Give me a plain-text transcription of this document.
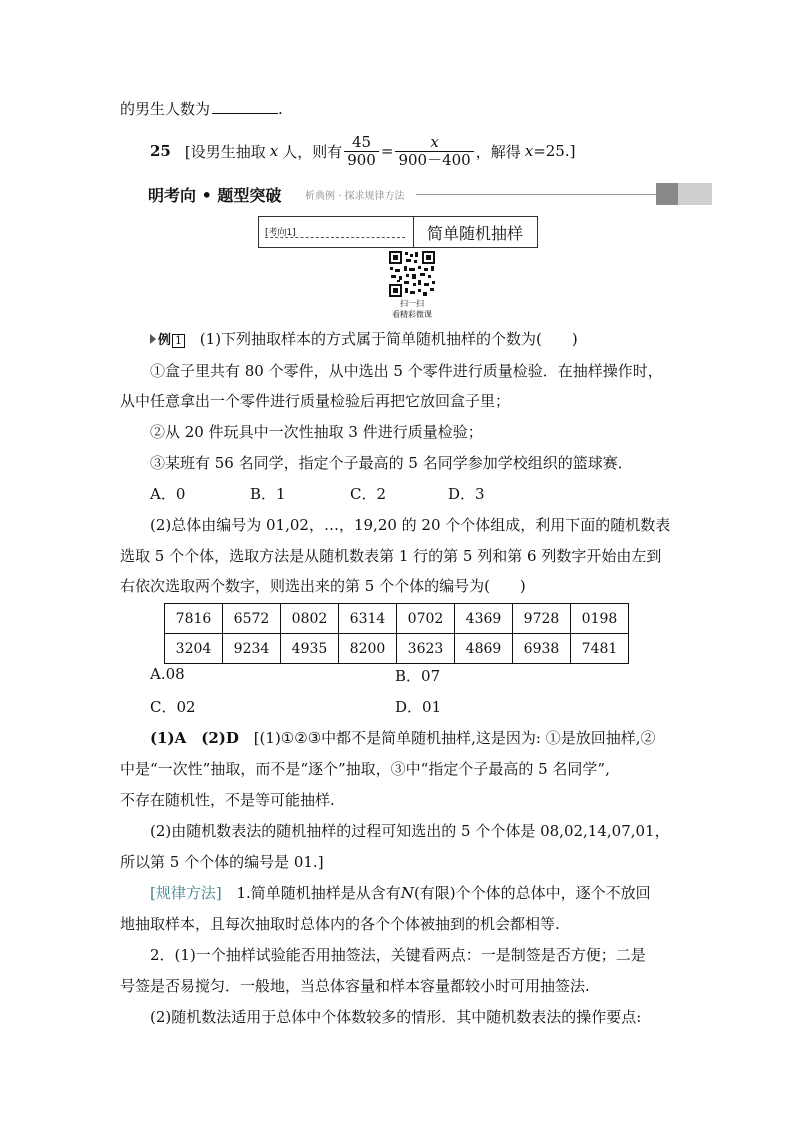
的男生人数为	.
25 [设男生抽取 x 人，则有 $\frac{45}{900} = \frac{x}{900-400}$ ，解得 x =25.]
明考向 • 题型突破 析典例 · 探求规律方法
[考向1]	简单随机抽样
扫一扫
看精彩微课
例 1 (1)下列抽取样本的方式属于简单随机抽样的个数为(　　)
①盒子里共有 80 个零件，从中选出 5 个零件进行质量检验．在抽样操作时，
从中任意拿出一个零件进行质量检验后再把它放回盒子里；
②从 20 件玩具中一次性抽取 3 件进行质量检验；
③某班有 56 名同学，指定个子最高的 5 名同学参加学校组织的篮球赛．
A．0	B．1	C．2	D．3
(2)总体由编号为 01,02，…，19,20 的 20 个个体组成，利用下面的随机数表
选取 5 个个体，选取方法是从随机数表第 1 行的第 5 列和第 6 列数字开始由左到
右依次选取两个数字，则选出来的第 5 个个体的编号为(　　)
7816	6572	0802	6314	0702	4369	9728	0198
3204	9234	4935	8200	3623	4869	6938	7481
A.08	B．07
C．02	D．01
(1)A　(2)D [(1)①②③中都不是简单随机抽样,这是因为: ①是放回抽样,②
中是“一次性”抽取，而不是“逐个”抽取，③中“指定个子最高的 5 名同学”,
不存在随机性，不是等可能抽样.
(2)由随机数表法的随机抽样的过程可知选出的 5 个个体是 08,02,14,07,01，
所以第 5 个个体的编号是 01.]
[规律方法] 1.简单随机抽样是从含有N(有限)个个体的总体中，逐个不放回
地抽取样本，且每次抽取时总体内的各个个体被抽到的机会都相等.
2．(1)一个抽样试验能否用抽签法，关键看两点：一是制签是否方便；二是
号签是否易搅匀．一般地，当总体容量和样本容量都较小时可用抽签法.
(2)随机数法适用于总体中个体数较多的情形．其中随机数表法的操作要点:
